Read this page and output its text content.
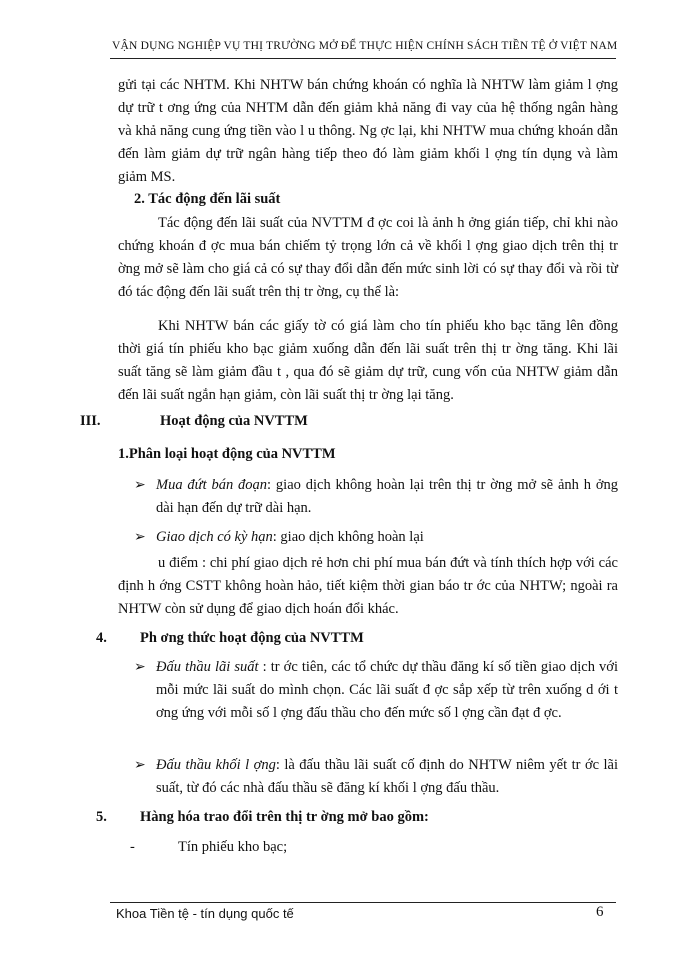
VẬN DỤNG NGHIỆP VỤ THỊ TRƯỜNG MỞ ĐỂ THỰC HIỆN CHÍNH SÁCH TIỀN TỆ Ở VIỆT NAM
gửi tại các NHTM. Khi NHTW bán chứng khoán có nghĩa là NHTW làm giảm l ợng dự trữ t ơng ứng của NHTM dẫn đến giảm khả năng đi vay của hệ thống ngân hàng và khả năng cung ứng tiền vào l u thông. Ng ợc lại, khi NHTW mua chứng khoán dẫn đến làm giảm dự trữ ngân hàng tiếp theo đó làm giảm khối l ợng tín dụng và làm giảm MS.
2. Tác động đến lãi suất
Tác động đến lãi suất của NVTTM đ ợc coi là ảnh h ởng gián tiếp, chỉ khi nào chứng khoán đ ợc mua bán chiếm tỷ trọng lớn cả về khối l ợng giao dịch trên thị tr ờng mở sẽ làm cho giá cả có sự thay đổi dẫn đến mức sinh lời có sự thay đổi và rồi từ đó tác động đến lãi suất trên thị tr ờng, cụ thể là:
Khi NHTW bán các giấy tờ có giá làm cho tín phiếu kho bạc tăng lên đồng thời giá tín phiếu kho bạc giảm xuống dẫn đến lãi suất trên thị tr ờng tăng. Khi lãi suất tăng sẽ làm giảm đầu t , qua đó sẽ giảm dự trữ, cung vốn của NHTW giảm dẫn đến lãi suất ngắn hạn giảm, còn lãi suất thị tr ờng lại tăng.
III.	Hoạt động của NVTTM
1.Phân loại hoạt động của NVTTM
➢ Mua đứt bán đoạn: giao dịch không hoàn lại trên thị tr ờng mở sẽ ảnh h ởng dài hạn đến dự trữ dài hạn.
➢ Giao dịch có kỳ hạn: giao dịch không hoàn lại
u điểm : chi phí giao dịch rẻ hơn chi phí mua bán đứt và tính thích hợp với các định h ớng CSTT không hoàn hảo, tiết kiệm thời gian báo tr ớc của NHTW; ngoài ra NHTW còn sử dụng để giao dịch hoán đổi khác.
4. Ph ơng thức hoạt động của NVTTM
➢ Đấu thầu lãi suất : tr ớc tiên, các tổ chức dự thầu đăng kí số tiền giao dịch với mỗi mức lãi suất do mình chọn. Các lãi suất đ ợc sắp xếp từ trên xuống d ới t ơng ứng với mỗi số l ợng đấu thầu cho đến mức số l ợng cần đạt đ ợc.
➢ Đấu thầu khối l ợng: là đấu thầu lãi suất cố định do NHTW niêm yết tr ớc lãi suất, từ đó các nhà đấu thầu sẽ đăng kí khối l ợng đấu thầu.
5. Hàng hóa trao đổi trên thị tr ờng mở bao gồm:
-	Tín phiếu kho bạc;
Khoa Tiền tệ - tín dụng quốc tế	6
